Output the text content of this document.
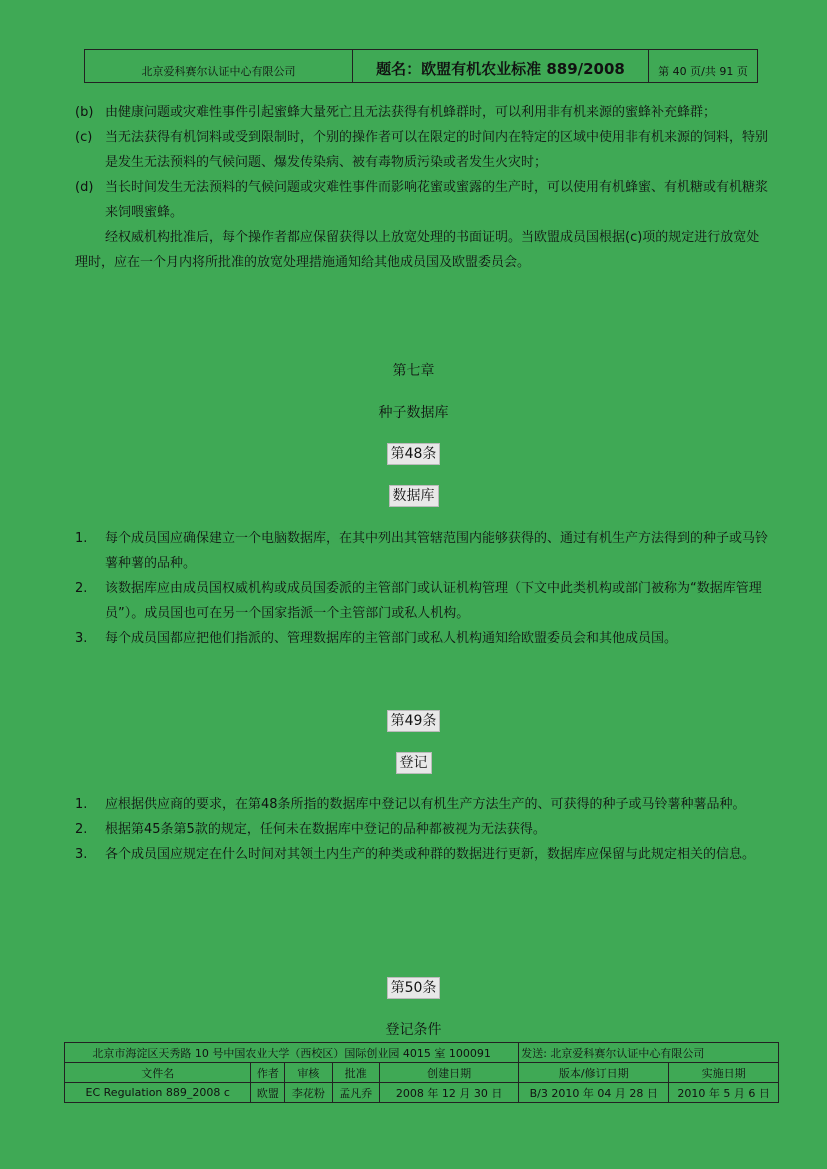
北京爱科赛尔认证中心有限公司	题名：欧盟有机农业标准 889/2008	第 40 页/共 91 页
(b) 由健康问题或灾难性事件引起蜜蜂大量死亡且无法获得有机蜂群时，可以利用非有机来源的蜜蜂补充蜂群；
(c) 当无法获得有机饲料或受到限制时，个别的操作者可以在限定的时间内在特定的区域中使用非有机来源的饲料，特别是发生无法预料的气候问题、爆发传染病、被有毒物质污染或者发生火灾时；
(d) 当长时间发生无法预料的气候问题或灾难性事件而影响花蜜或蜜露的生产时，可以使用有机蜂蜜、有机糖或有机糖浆来饲喂蜜蜂。
经权威机构批准后，每个操作者都应保留获得以上放宽处理的书面证明。当欧盟成员国根据(c)项的规定进行放宽处理时，应在一个月内将所批准的放宽处理措施通知给其他成员国及欧盟委员会。
第七章
种子数据库
第48条
数据库
1.	每个成员国应确保建立一个电脑数据库，在其中列出其管辖范围内能够获得的、通过有机生产方法得到的种子或马铃薯种薯的品种。
2.	该数据库应由成员国权威机构或成员国委派的主管部门或认证机构管理（下文中此类机构或部门被称为“数据库管理员”）。成员国也可在另一个国家指派一个主管部门或私人机构。
3.	每个成员国都应把他们指派的、管理数据库的主管部门或私人机构通知给欧盟委员会和其他成员国。
第49条
登记
1.	应根据供应商的要求，在第48条所指的数据库中登记以有机生产方法生产的、可获得的种子或马铃薯种薯品种。
2.	根据第45条第5款的规定，任何未在数据库中登记的品种都被视为无法获得。
3.	各个成员国应规定在什么时间对其领土内生产的种类或种群的数据进行更新，数据库应保留与此规定相关的信息。
第50条
登记条件
北京市海淀区天秀路 10 号中国农业大学（西校区）国际创业园 4015 室 100091					发送: 北京爱科赛尔认证中心有限公司	
文件名	作者	审核	批准	创建日期	版本/修订日期	实施日期
EC Regulation 889_2008 c	欧盟	李花粉	孟凡乔	2008 年 12 月 30 日	B/3 2010 年 04 月 28 日	2010 年 5 月 6 日
